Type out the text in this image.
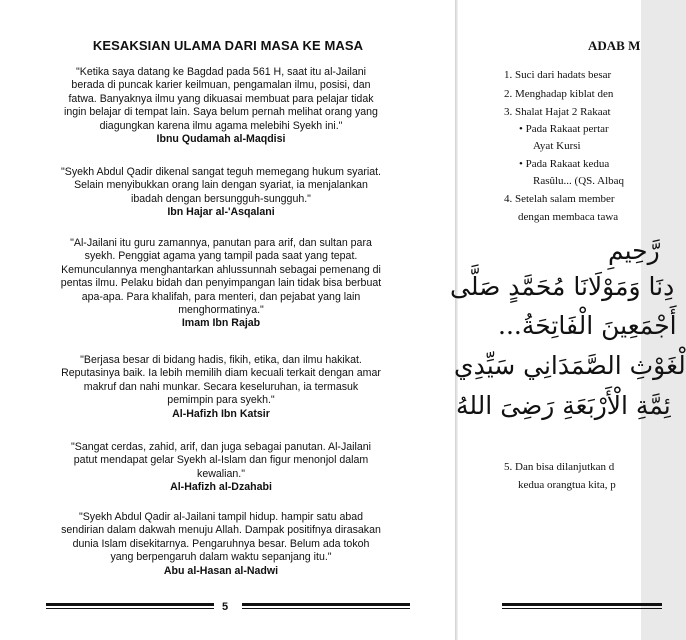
KESAKSIAN ULAMA DARI MASA KE MASA
"Ketika saya datang ke Bagdad pada 561 H, saat itu al-Jailani
berada di puncak karier keilmuan, pengamalan ilmu, posisi, dan
fatwa. Banyaknya ilmu yang dikuasai membuat para pelajar tidak
ingin belajar di tempat lain. Saya belum pernah melihat orang yang
diagungkan karena ilmu agama melebihi Syekh ini."
Ibnu Qudamah al-Maqdisi
"Syekh Abdul Qadir dikenal sangat teguh memegang hukum syariat.
Selain menyibukkan orang lain dengan syariat, ia menjalankan
ibadah dengan bersungguh-sungguh."
Ibn Hajar al-'Asqalani
"Al-Jailani itu guru zamannya, panutan para arif, dan sultan para
syekh. Penggiat agama yang tampil pada saat yang tepat.
Kemunculannya menghantarkan ahlussunnah sebagai pemenang di
pentas ilmu. Pelaku bidah dan penyimpangan lain tidak bisa berbuat
apa-apa. Para khalifah, para menteri, dan pejabat yang lain
menghormatinya."
Imam Ibn Rajab
"Berjasa besar di bidang hadis, fikih, etika, dan ilmu hakikat.
Reputasinya baik. Ia lebih memilih diam kecuali terkait dengan amar
makruf dan nahi munkar. Secara keseluruhan, ia termasuk
pemimpin para syekh."
Al-Hafizh Ibn Katsir
"Sangat cerdas, zahid, arif, dan juga sebagai panutan. Al-Jailani
patut mendapat gelar Syekh al-Islam dan figur menonjol dalam
kewalian."
Al-Hafizh al-Dzahabi
"Syekh Abdul Qadir al-Jailani tampil hidup. hampir satu abad
sendirian dalam dakwah menuju Allah. Dampak positifnya dirasakan
dunia Islam disekitarnya. Pengaruhnya besar. Belum ada tokoh
yang berpengaruh dalam waktu sepanjang itu."
Abu al-Hasan al-Nadwi
5
ADAB M
1. Suci dari hadats besar
2. Menghadap kiblat den
3. Shalat Hajat 2 Rakaat
• Pada Rakaat pertar
Ayat Kursi
• Pada Rakaat kedua
Rasûlu... (QS. Albaq
4. Setelah salam member
dengan membaca tawa
رَّحِيمِ
دِنَا وَمَوْلَانَا مُحَمَّدٍ صَلَّى
أَجْمَعِينَ الْفَاتِحَةُ...
لْغَوْثِ الصَّمَدَانِي سَيِّدِي
ئِمَّةِ الْأَرْبَعَةِ رَضِىَ اللهُ
5. Dan bisa dilanjutkan d
kedua orangtua kita, p
